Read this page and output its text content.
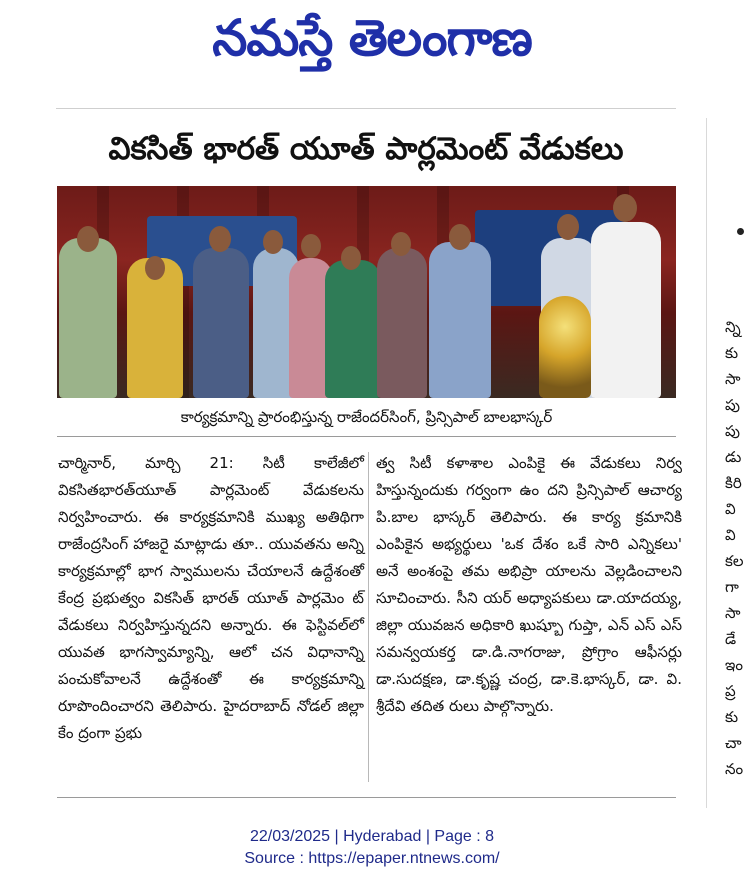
నమస్తే తెలంగాణ
వికసిత్ భారత్ యూత్ పార్లమెంట్ వేడుకలు
కార్యక్రమాన్ని ప్రారంభిస్తున్న రాజేందర్‌సింగ్, ప్రిన్సిపాల్ బాలభాస్కర్
చార్మినార్, మార్చి 21: సిటీ కాలేజీలో వికసితభారత్‌యూత్ పార్లమెంట్ వేడుకలను నిర్వహించారు. ఈ కార్యక్రమానికి ముఖ్య అతిథిగా రాజేంద్రసింగ్ హాజరై మాట్లాడు తూ.. యువతను అన్ని కార్యక్రమాల్లో భాగ స్వాములను చేయాలనే ఉద్దేశంతో కేంద్ర ప్రభుత్వం వికసిత్ భారత్ యూత్ పార్లమెం ట్ వేడుకలు నిర్వహిస్తున్నదని అన్నారు. ఈ ఫెస్టివల్‌లో యువత భాగస్వామ్యాన్ని, ఆలో చన విధానాన్ని పంచుకోవాలనే ఉద్దేశంతో ఈ కార్యక్రమాన్ని రూపొందించారని తెలిపారు. హైదరాబాద్ నోడల్ జిల్లా కేం ద్రంగా ప్రభు
త్వ సిటీ కళాశాల ఎంపికై ఈ వేడుకలు నిర్వ హిస్తున్నందుకు గర్వంగా ఉం దని ప్రిన్సిపాల్ ఆచార్య పి.బాల భాస్కర్ తెలిపారు. ఈ కార్య క్రమానికి ఎంపికైన అభ్యర్థులు 'ఒక దేశం ఒకే సారి ఎన్నికలు' అనే అంశంపై తమ అభిప్రా యాలను వెల్లడించాలని సూచించారు. సీని యర్ అధ్యాపకులు డా.యాదయ్య, జిల్లా యువజన అధికారి ఖుష్బూ గుప్తా, ఎన్ ఎస్ ఎస్ సమన్వయకర్త డా.డి.నాగరాజు, ప్రోగ్రాం ఆఫీసర్లు డా.సుదక్షణ, డా.కృష్ణ చంద్ర, డా.కె.భాస్కర్, డా. వి. శ్రీదేవి తదిత రులు పాల్గొన్నారు.
న్ని
కు
సా
పు
పు
డు
కిరి
వి
వి
కల
గా
సా
డే
ఇం
ప్ర
కు
చా
నం
22/03/2025 | Hyderabad | Page : 8
Source : https://epaper.ntnews.com/
